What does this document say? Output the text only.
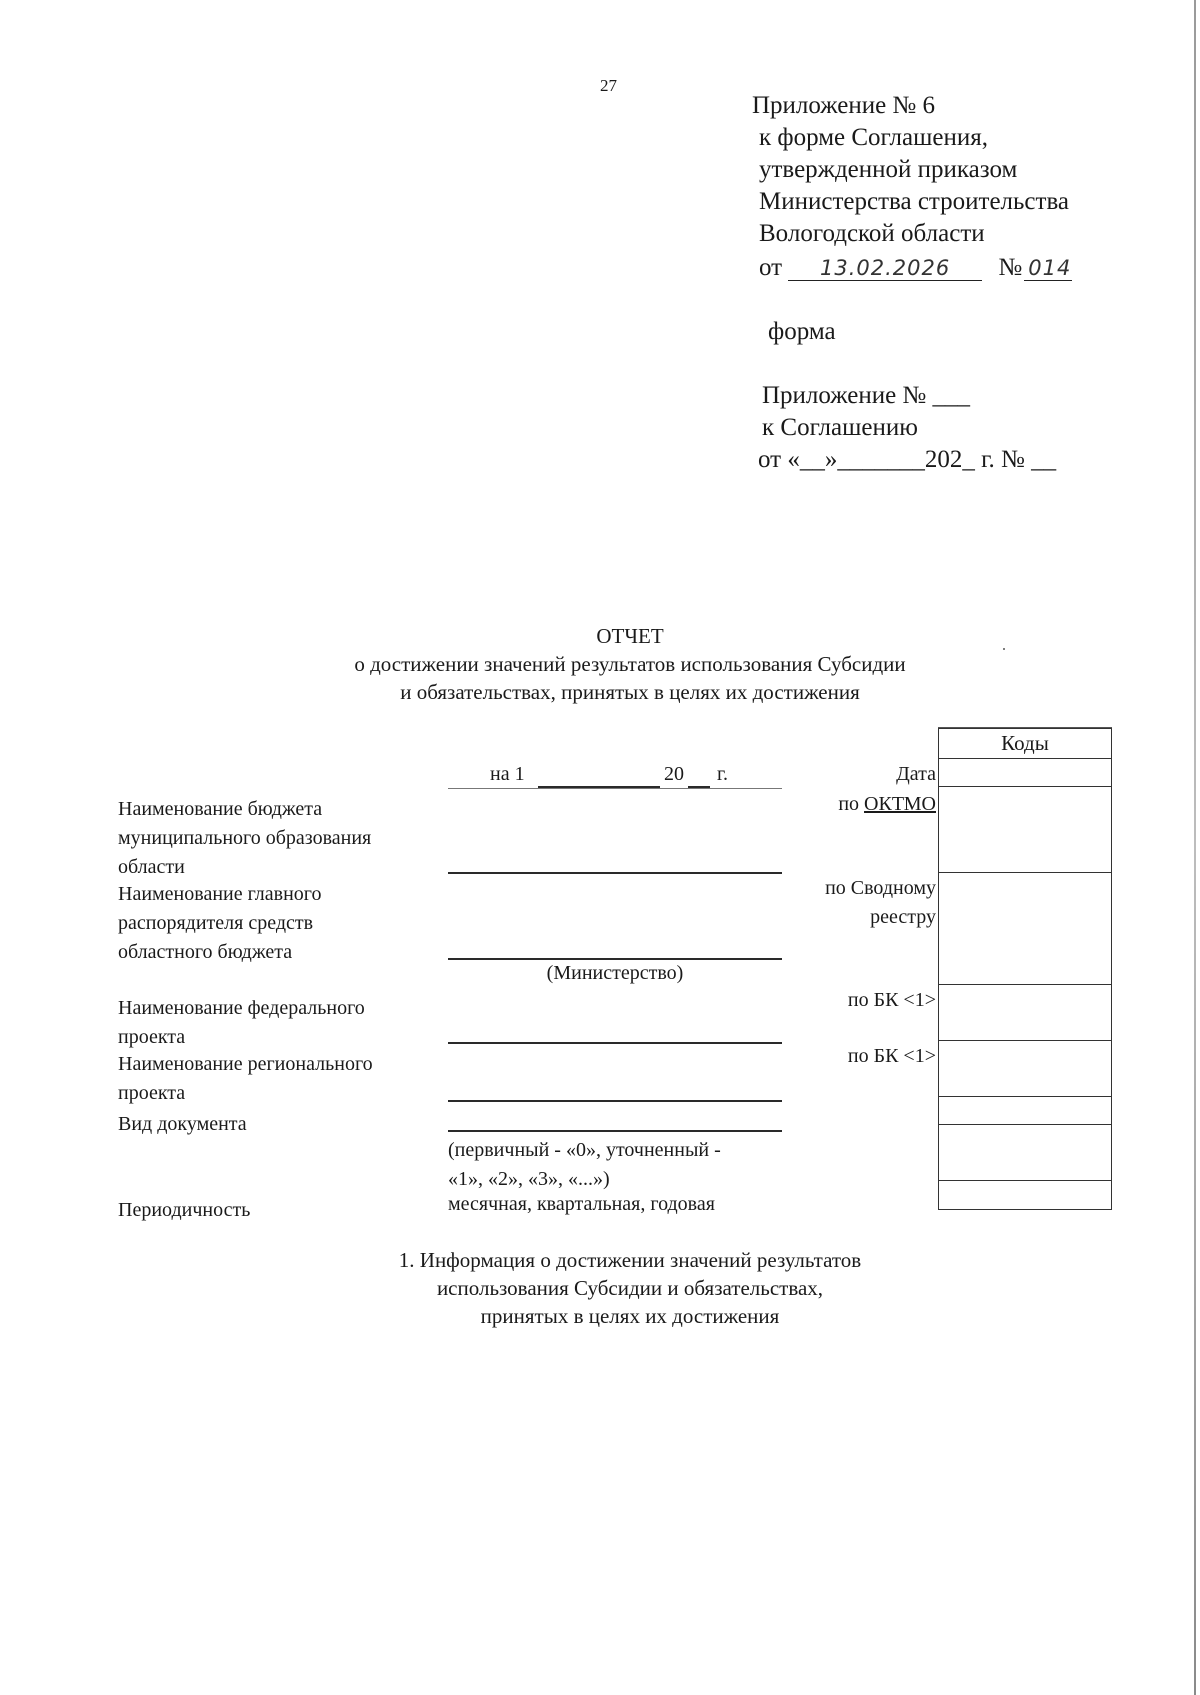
27
Приложение № 6
к форме Соглашения,
утвержденной приказом
Министерства строительства
Вологодской области
от 13.02.2026 № 014
форма
Приложение № ___
к Соглашению
от «__»_______202_ г. № __
ОТЧЕТ
о достижении значений результатов использования Субсидии
и обязательствах, принятых в целях их достижения
на 1	20 г.
Наименование бюджета
муниципального образования
области
Наименование главного
распорядителя средств
областного бюджета
(Министерство)
Наименование федерального
проекта
Наименование регионального
проекта
Вид документа
(первичный - «0», уточненный -
«1», «2», «3», «...»)
Периодичность	месячная, квартальная, годовая
Дата
по ОКТМО
по Сводному
реестру
по БК <1>
по БК <1>
Коды
1. Информация о достижении значений результатов
использования Субсидии и обязательствах,
принятых в целях их достижения
